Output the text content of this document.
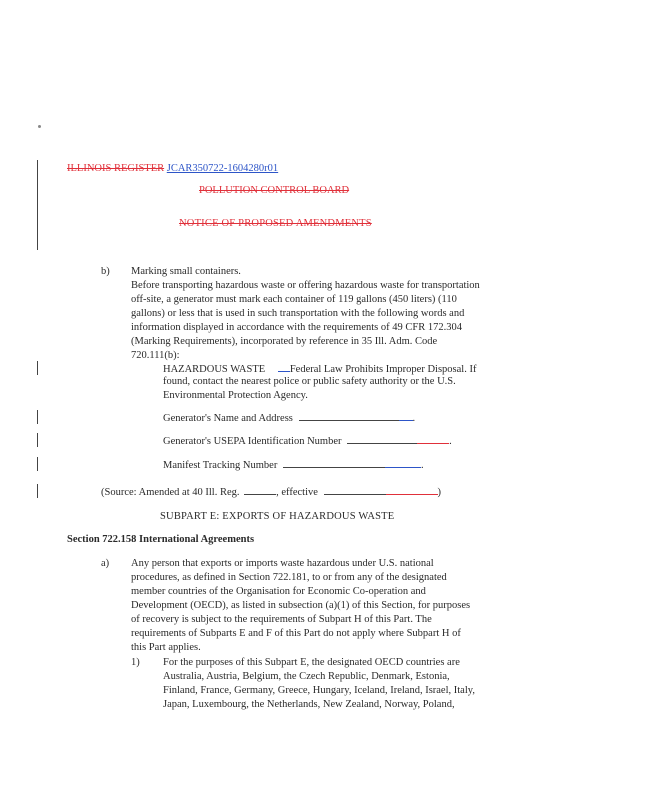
ILLINOIS REGISTER JCAR350722-1604280r01
POLLUTION CONTROL BOARD
NOTICE OF PROPOSED AMENDMENTS
b) Marking small containers.
Before transporting hazardous waste or offering hazardous waste for transportation
off-site, a generator must mark each container of 119 gallons (450 liters) (110
gallons) or less that is used in such transportation with the following words and
information displayed in accordance with the requirements of 49 CFR 172.304
(Marking Requirements), incorporated by reference in 35 Ill. Adm. Code
720.111(b):
HAZARDOUS WASTE Federal Law Prohibits Improper Disposal. If
found, contact the nearest police or public safety authority or the U.S.
Environmental Protection Agency.
Generator's Name and Address	.
Generator's USEPA Identification Number	.
Manifest Tracking Number	.
(Source: Amended at 40 Ill. Reg.	, effective	)
SUBPART E: EXPORTS OF HAZARDOUS WASTE
Section 722.158 International Agreements
a) Any person that exports or imports waste hazardous under U.S. national
procedures, as defined in Section 722.181, to or from any of the designated
member countries of the Organisation for Economic Co-operation and
Development (OECD), as listed in subsection (a)(1) of this Section, for purposes
of recovery is subject to the requirements of Subpart H of this Part. The
requirements of Subparts E and F of this Part do not apply where Subpart H of
this Part applies.
1) For the purposes of this Subpart E, the designated OECD countries are
Australia, Austria, Belgium, the Czech Republic, Denmark, Estonia,
Finland, France, Germany, Greece, Hungary, Iceland, Ireland, Israel, Italy,
Japan, Luxembourg, the Netherlands, New Zealand, Norway, Poland,
